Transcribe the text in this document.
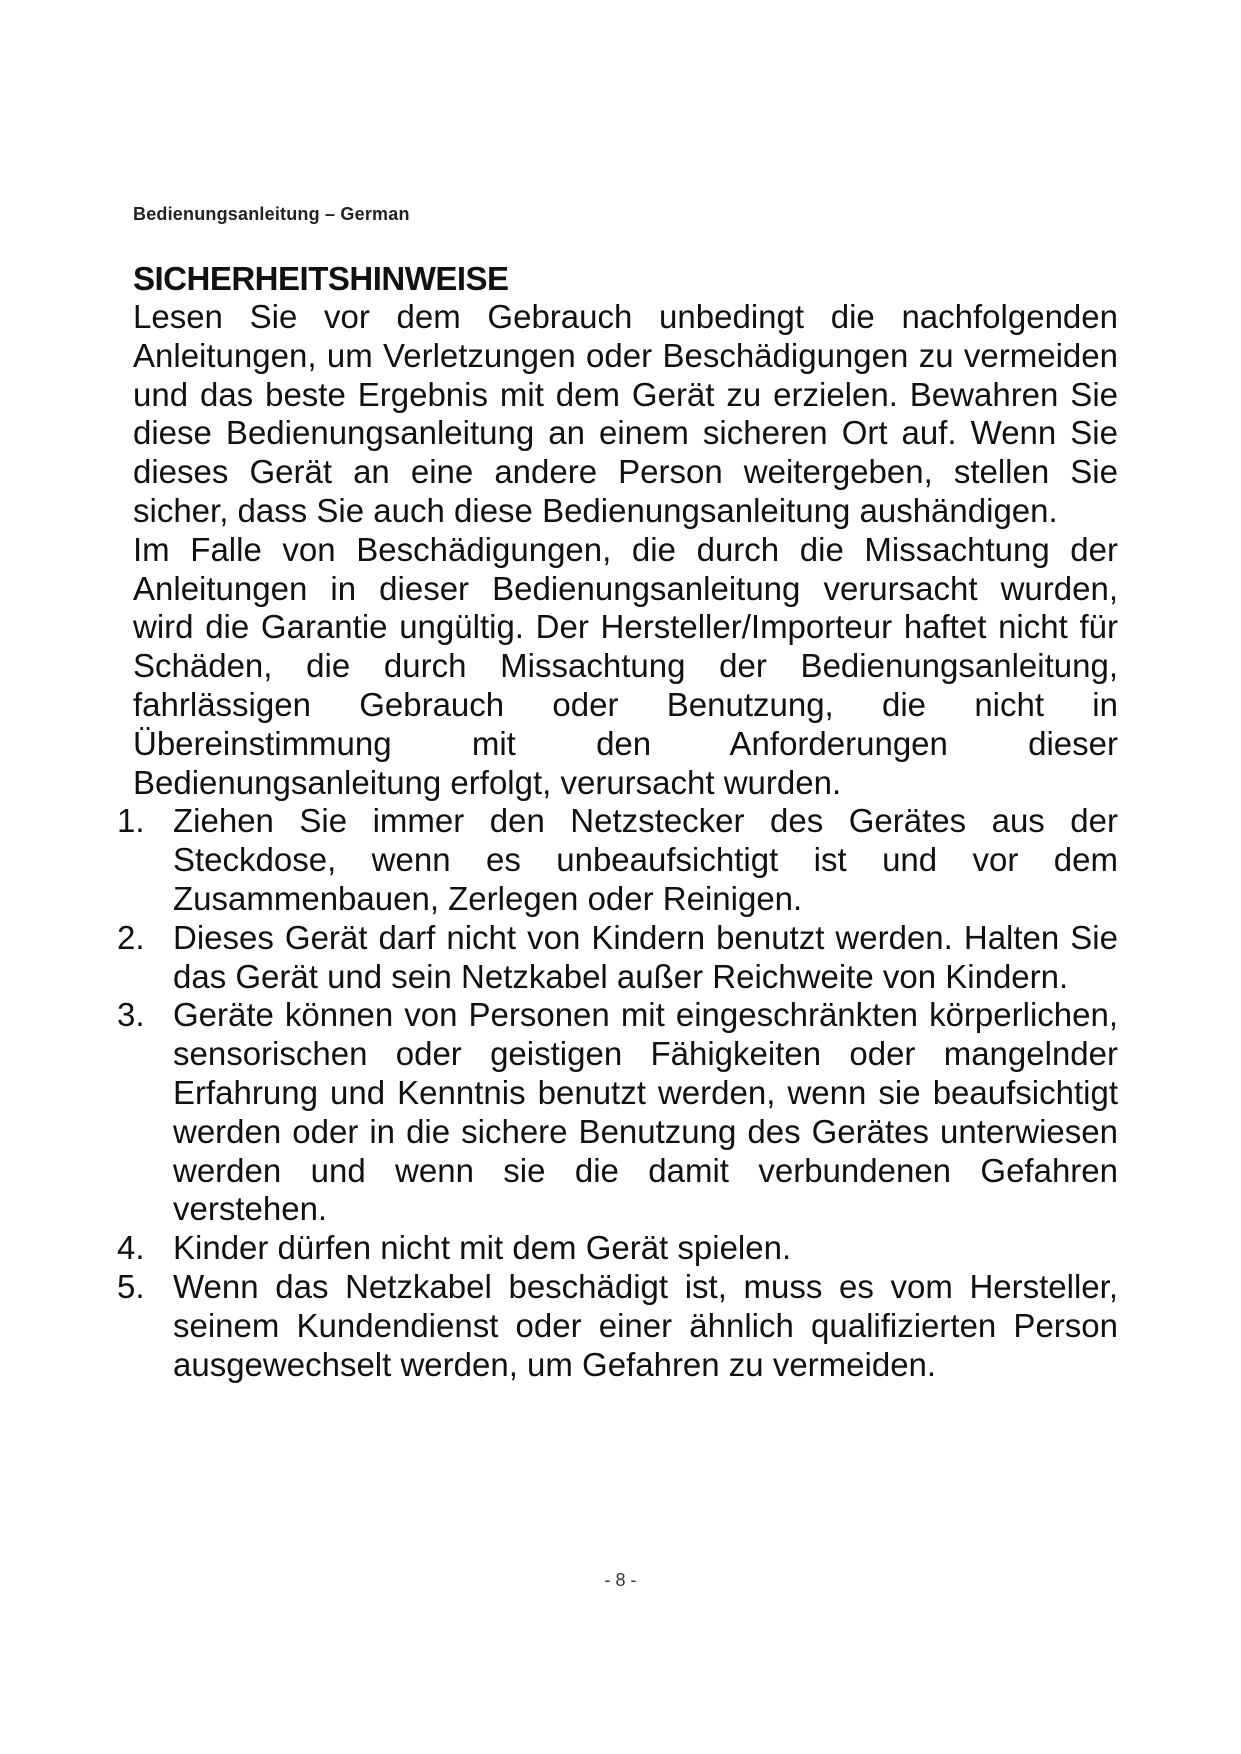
Bedienungsanleitung – German
SICHERHEITSHINWEISE

Lesen Sie vor dem Gebrauch unbedingt die nachfolgenden Anleitungen, um Verletzungen oder Beschädigungen zu vermeiden und das beste Ergebnis mit dem Gerät zu erzielen. Bewahren Sie diese Bedienungsanleitung an einem sicheren Ort auf. Wenn Sie dieses Gerät an eine andere Person weitergeben, stellen Sie sicher, dass Sie auch diese Bedienungsanleitung aushändigen.

Im Falle von Beschädigungen, die durch die Missachtung der Anleitungen in dieser Bedienungsanleitung verursacht wurden, wird die Garantie ungültig. Der Hersteller/Importeur haftet nicht für Schäden, die durch Missachtung der Bedienungsanleitung, fahrlässigen Gebrauch oder Benutzung, die nicht in Übereinstimmung mit den Anforderungen dieser Bedienungsanleitung erfolgt, verursacht wurden.

1. Ziehen Sie immer den Netzstecker des Gerätes aus der Steckdose, wenn es unbeaufsichtigt ist und vor dem Zusammenbauen, Zerlegen oder Reinigen.
2. Dieses Gerät darf nicht von Kindern benutzt werden. Halten Sie das Gerät und sein Netzkabel außer Reichweite von Kindern.
3. Geräte können von Personen mit eingeschränkten körperlichen, sensorischen oder geistigen Fähigkeiten oder mangelnder Erfahrung und Kenntnis benutzt werden, wenn sie beaufsichtigt werden oder in die sichere Benutzung des Gerätes unterwiesen werden und wenn sie die damit verbundenen Gefahren verstehen.
4. Kinder dürfen nicht mit dem Gerät spielen.
5. Wenn das Netzkabel beschädigt ist, muss es vom Hersteller, seinem Kundendienst oder einer ähnlich qualifizierten Person ausgewechselt werden, um Gefahren zu vermeiden.
- 8 -
